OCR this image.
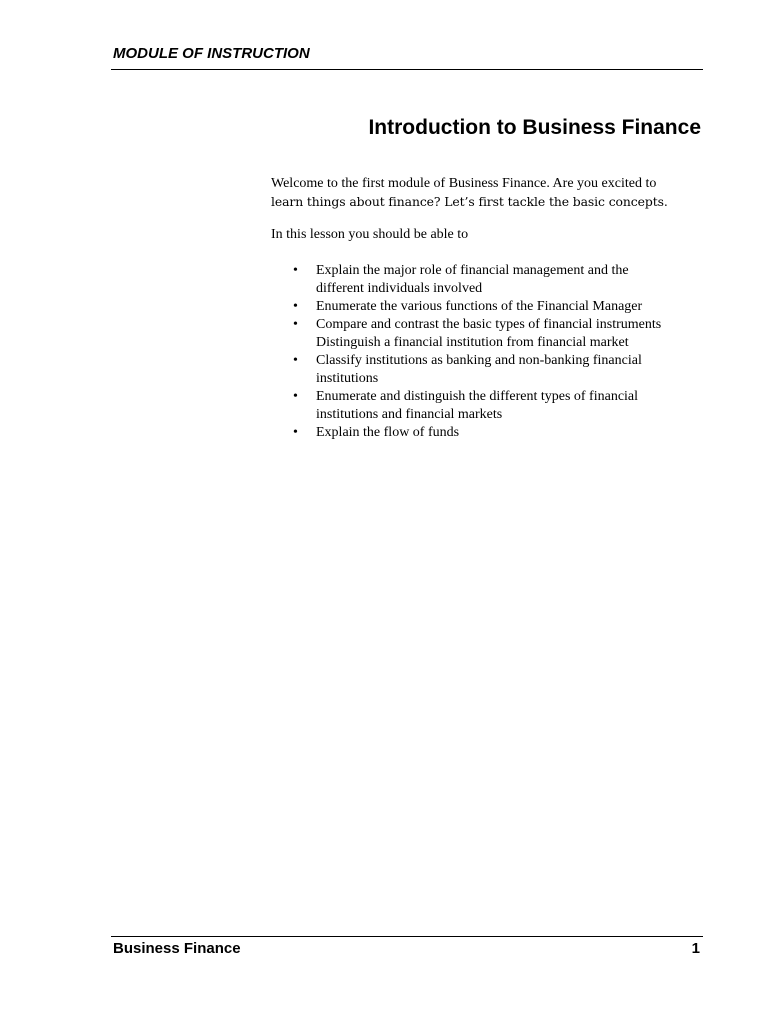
MODULE OF INSTRUCTION
Introduction to Business Finance

Welcome to the first module of Business Finance. Are you excited to
learn things about finance? Let’s first tackle the basic concepts.

In this lesson you should be able to

• Explain the major role of financial management and the
different individuals involved
• Enumerate the various functions of the Financial Manager
• Compare and contrast the basic types of financial instruments
Distinguish a financial institution from financial market
• Classify institutions as banking and non-banking financial
institutions
• Enumerate and distinguish the different types of financial
institutions and financial markets
• Explain the flow of funds
Business Finance	1
